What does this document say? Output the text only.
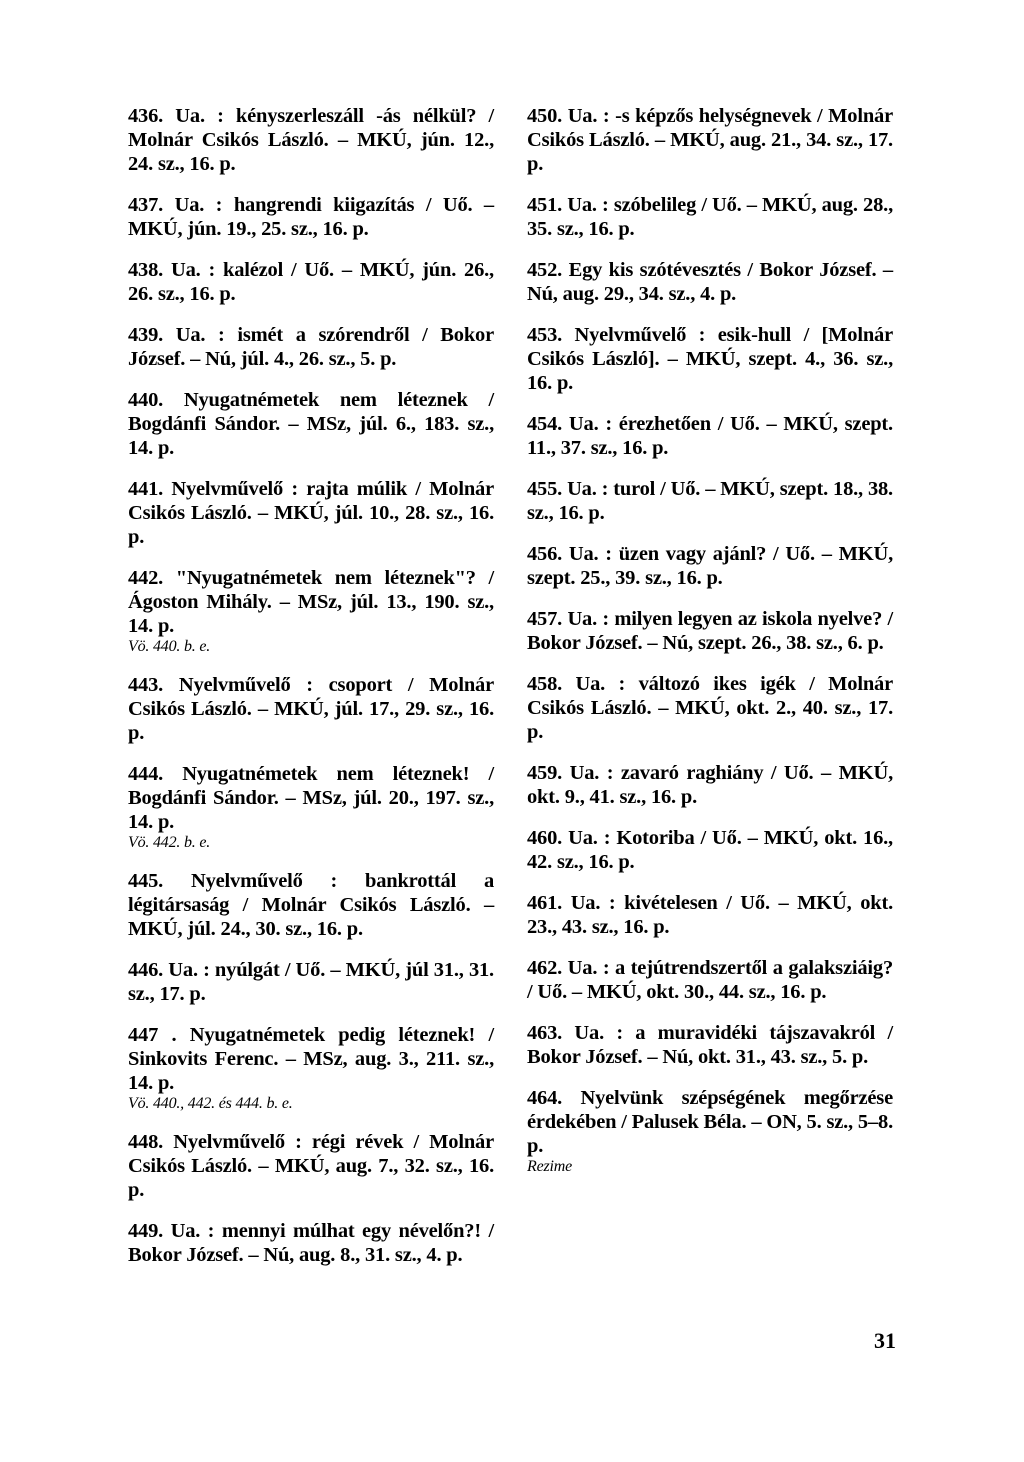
436. Ua. : kényszerleszáll -ás nélkül? / Molnár Csikós László. – MKÚ, jún. 12., 24. sz., 16. p.

437. Ua. : hangrendi kiigazítás / Uő. – MKÚ, jún. 19., 25. sz., 16. p.

438. Ua. : kalézol / Uő. – MKÚ, jún. 26., 26. sz., 16. p.

439. Ua. : ismét a szórendről / Bokor József. – Nú, júl. 4., 26. sz., 5. p.

440. Nyugatnémetek nem léteznek / Bogdánfi Sándor. – MSz, júl. 6., 183. sz., 14. p.

441. Nyelvművelő : rajta múlik / Molnár Csikós László. – MKÚ, júl. 10., 28. sz., 16. p.

442. "Nyugatnémetek nem léteznek"? / Ágoston Mihály. – MSz, júl. 13., 190. sz., 14. p.
Vö. 440. b. e.

443. Nyelvművelő : csoport / Molnár Csikós László. – MKÚ, júl. 17., 29. sz., 16. p.

444. Nyugatnémetek nem léteznek! / Bogdánfi Sándor. – MSz, júl. 20., 197. sz., 14. p.
Vö. 442. b. e.

445. Nyelvművelő : bankrottál a légitársaság / Molnár Csikós László. – MKÚ, júl. 24., 30. sz., 16. p.

446. Ua. : nyúlgát / Uő. – MKÚ, júl 31., 31. sz., 17. p.

447 . Nyugatnémetek pedig léteznek! / Sinkovits Ferenc. – MSz, aug. 3., 211. sz., 14. p.
Vö. 440., 442. és 444. b. e.

448. Nyelvművelő : régi révek / Molnár Csikós László. – MKÚ, aug. 7., 32. sz., 16. p.

449. Ua. : mennyi múlhat egy névelőn?! / Bokor József. – Nú, aug. 8., 31. sz., 4. p.

450. Ua. : -s képzős helységnevek / Molnár Csikós László. – MKÚ, aug. 21., 34. sz., 17. p.

451. Ua. : szóbelileg / Uő. – MKÚ, aug. 28., 35. sz., 16. p.

452. Egy kis szótévesztés / Bokor József. – Nú, aug. 29., 34. sz., 4. p.

453. Nyelvművelő : esik-hull / [Molnár Csikós László]. – MKÚ, szept. 4., 36. sz., 16. p.

454. Ua. : érezhetően / Uő. – MKÚ, szept. 11., 37. sz., 16. p.

455. Ua. : turol / Uő. – MKÚ, szept. 18., 38. sz., 16. p.

456. Ua. : üzen vagy ajánl? / Uő. – MKÚ, szept. 25., 39. sz., 16. p.

457. Ua. : milyen legyen az iskola nyelve? / Bokor József. – Nú, szept. 26., 38. sz., 6. p.

458. Ua. : változó ikes igék / Molnár Csikós László. – MKÚ, okt. 2., 40. sz., 17. p.

459. Ua. : zavaró raghiány / Uő. – MKÚ, okt. 9., 41. sz., 16. p.

460. Ua. : Kotoriba / Uő. – MKÚ, okt. 16., 42. sz., 16. p.

461. Ua. : kivételesen / Uő. – MKÚ, okt. 23., 43. sz., 16. p.

462. Ua. : a tejútrendszertől a galaksziáig? / Uő. – MKÚ, okt. 30., 44. sz., 16. p.

463. Ua. : a muravidéki tájszavakról / Bokor József. – Nú, okt. 31., 43. sz., 5. p.

464. Nyelvünk szépségének megőrzése érdekében / Palusek Béla. – ON, 5. sz., 5–8. p.
Rezime

31
